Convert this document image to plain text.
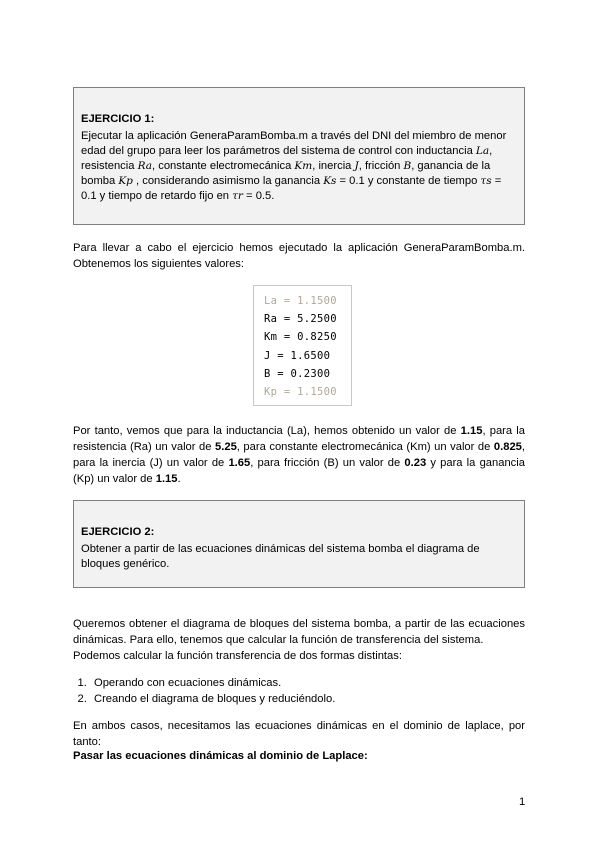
EJERCICIO 1:

Ejecutar la aplicación GeneraParamBomba.m a través del DNI del miembro de menor edad del grupo para leer los parámetros del sistema de control con inductancia La, resistencia Ra, constante electromecánica Km, inercia J, fricción B, ganancia de la bomba Kp , considerando asimismo la ganancia Ks = 0.1 y constante de tiempo τs = 0.1 y tiempo de retardo fijo en τr = 0.5.

Para llevar a cabo el ejercicio hemos ejecutado la aplicación GeneraParamBomba.m. Obtenemos los siguientes valores:

La = 1.1500
Ra = 5.2500
Km = 0.8250
J = 1.6500
B = 0.2300
Kp = 1.1500

Por tanto, vemos que para la inductancia (La), hemos obtenido un valor de 1.15, para la resistencia (Ra) un valor de 5.25, para constante electromecánica (Km) un valor de 0.825, para la inercia (J) un valor de 1.65, para fricción (B) un valor de 0.23 y para la ganancia (Kp) un valor de 1.15.

EJERCICIO 2:

Obtener a partir de las ecuaciones dinámicas del sistema bomba el diagrama de bloques genérico.

Queremos obtener el diagrama de bloques del sistema bomba, a partir de las ecuaciones dinámicas. Para ello, tenemos que calcular la función de transferencia del sistema.
Podemos calcular la función transferencia de dos formas distintas:

1. Operando con ecuaciones dinámicas.
2. Creando el diagrama de bloques y reduciéndolo.

En ambos casos, necesitamos las ecuaciones dinámicas en el dominio de laplace, por tanto:

Pasar las ecuaciones dinámicas al dominio de Laplace:

1
